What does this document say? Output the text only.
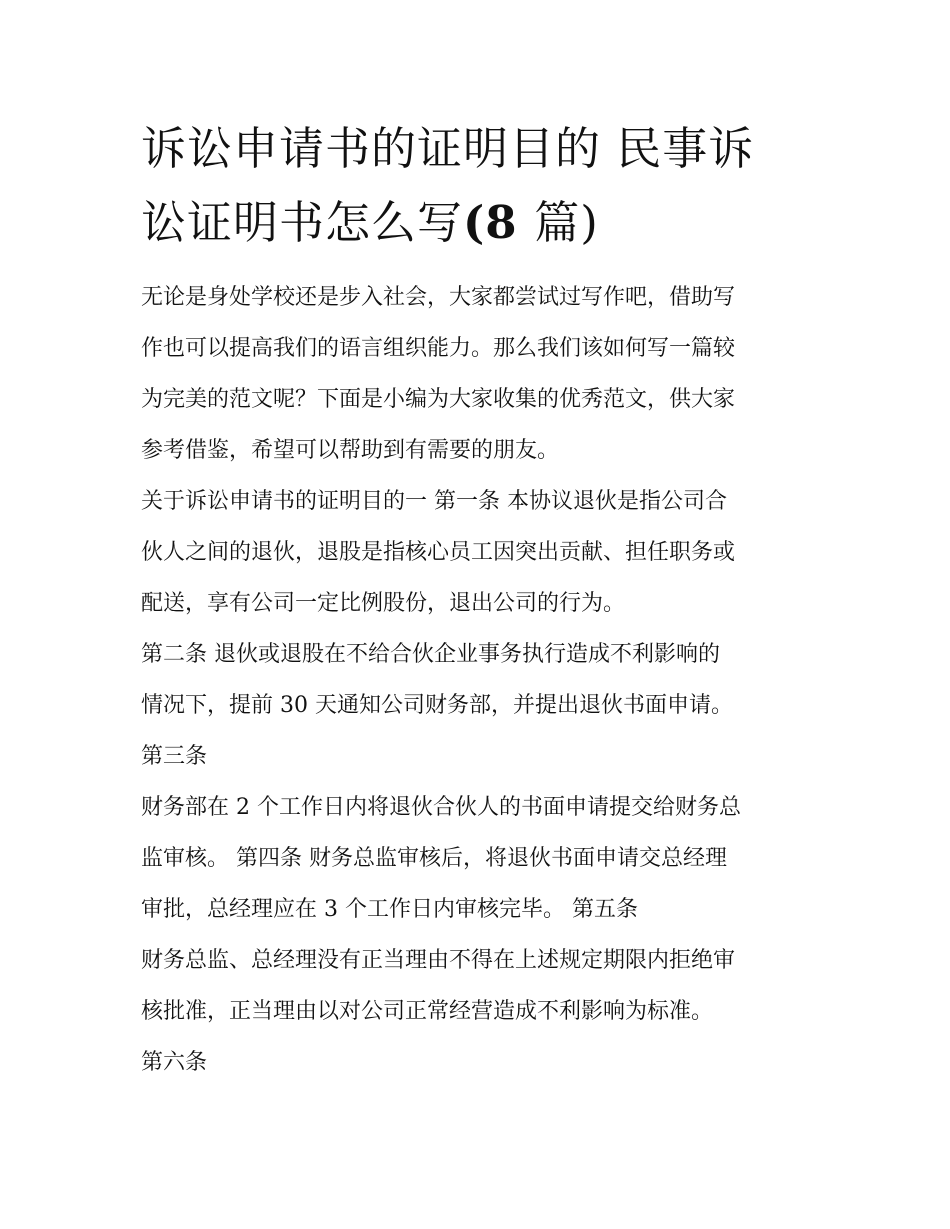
诉讼申请书的证明目的 民事诉
讼证明书怎么写(8 篇)

无论是身处学校还是步入社会，大家都尝试过写作吧，借助写
作也可以提高我们的语言组织能力。那么我们该如何写一篇较
为完美的范文呢？下面是小编为大家收集的优秀范文，供大家
参考借鉴，希望可以帮助到有需要的朋友。

关于诉讼申请书的证明目的一 第一条 本协议退伙是指公司合
伙人之间的退伙，退股是指核心员工因突出贡献、担任职务或
配送，享有公司一定比例股份，退出公司的行为。

第二条 退伙或退股在不给合伙企业事务执行造成不利影响的
情况下，提前 30 天通知公司财务部，并提出退伙书面申请。

第三条

财务部在 2 个工作日内将退伙合伙人的书面申请提交给财务总
监审核。 第四条 财务总监审核后，将退伙书面申请交总经理
审批，总经理应在 3 个工作日内审核完毕。 第五条

财务总监、总经理没有正当理由不得在上述规定期限内拒绝审
核批准，正当理由以对公司正常经营造成不利影响为标准。

第六条
